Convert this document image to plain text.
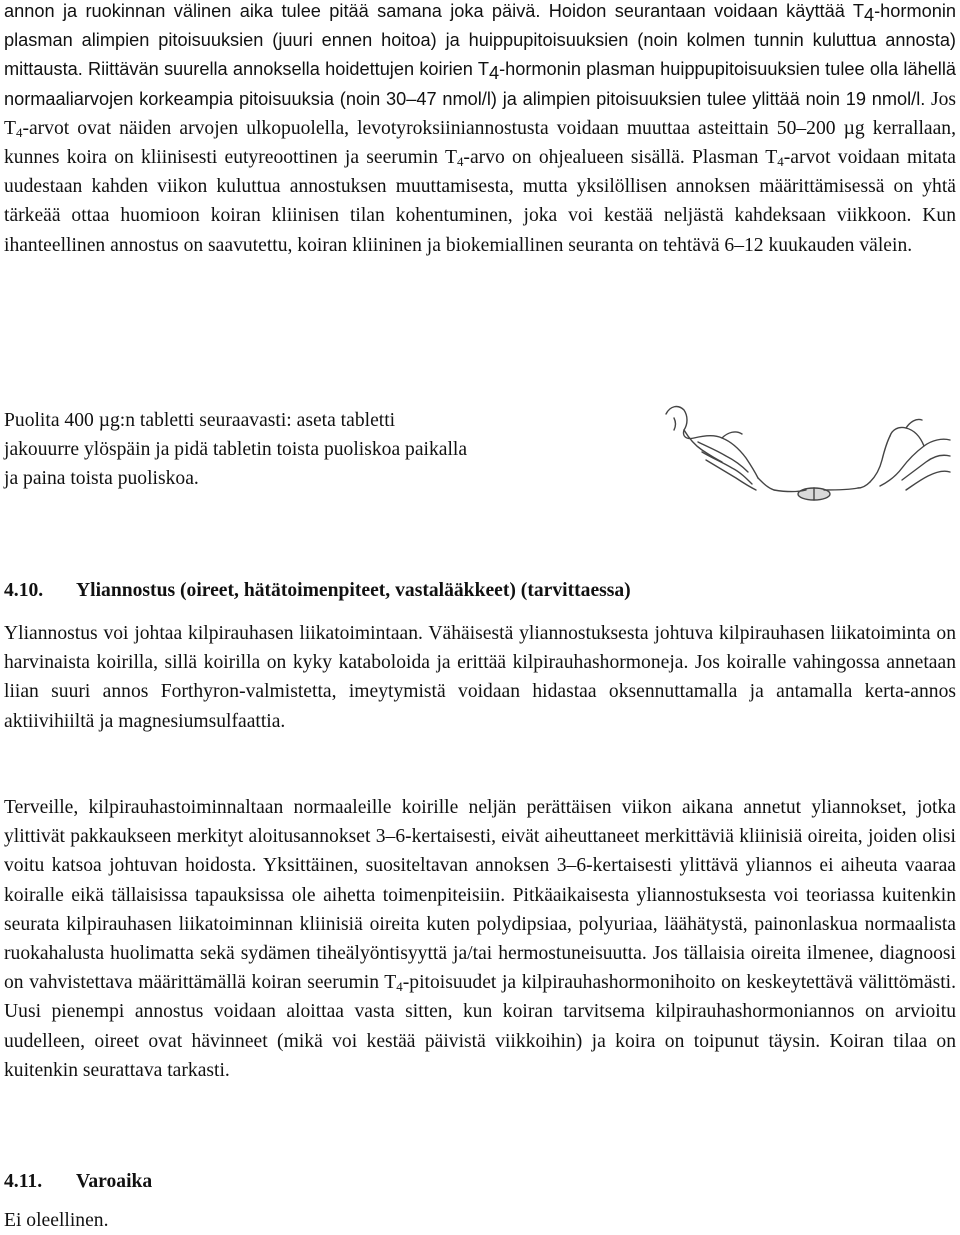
annon ja ruokinnan välinen aika tulee pitää samana joka päivä. Hoidon seurantaan voidaan käyttää $T_4$-hormonin plasman alimpien pitoisuuksien (juuri ennen hoitoa) ja huippupitoisuuksien (noin kolmen tunnin kuluttua annosta) mittausta. Riittävän suurella annoksella hoidettujen koirien $T_4$-hormonin plasman huippupitoisuuksien tulee olla lähellä normaaliarvojen korkeampia pitoisuuksia (noin 30–47 nmol/l) ja alimpien pitoisuuksien tulee ylittää noin 19 nmol/l. Jos $T_4$-arvot ovat näiden arvojen ulkopuolella, levotyroksiiniannostusta voidaan muuttaa asteittain 50–200 µg kerrallaan, kunnes koira on kliinisesti eutyreoottinen ja seerumin $T_4$-arvo on ohjealueen sisällä. Plasman $T_4$-arvot voidaan mitata uudestaan kahden viikon kuluttua annostuksen muuttamisesta, mutta yksilöllisen annoksen määrittämisessä on yhtä tärkeää ottaa huomioon koiran kliinisen tilan kohentuminen, joka voi kestää neljästä kahdeksaan viikkoon. Kun ihanteellinen annostus on saavutettu, koiran kliininen ja biokemiallinen seuranta on tehtävä 6–12 kuukauden välein.

Puolita 400 µg:n tabletti seuraavasti: aseta tabletti
jakouurre ylöspäin ja pidä tabletin toista puoliskoa paikalla
ja paina toista puoliskoa.

4.10. Yliannostus (oireet, hätätoimenpiteet, vastalääkkeet) (tarvittaessa)

Yliannostus voi johtaa kilpirauhasen liikatoimintaan. Vähäisestä yliannostuksesta johtuva kilpirauhasen liikatoiminta on harvinaista koirilla, sillä koirilla on kyky kataboloida ja erittää kilpirauhashormoneja. Jos koiralle vahingossa annetaan liian suuri annos Forthyron-valmistetta, imeytymistä voidaan hidastaa oksennuttamalla ja antamalla kerta-annos aktiivihiiltä ja magnesiumsulfaattia.

Terveille, kilpirauhastoiminnaltaan normaaleille koirille neljän perättäisen viikon aikana annetut yliannokset, jotka ylittivät pakkaukseen merkityt aloitusannokset 3–6-kertaisesti, eivät aiheuttaneet merkittäviä kliinisiä oireita, joiden olisi voitu katsoa johtuvan hoidosta. Yksittäinen, suositeltavan annoksen 3–6-kertaisesti ylittävä yliannos ei aiheuta vaaraa koiralle eikä tällaisissa tapauksissa ole aihetta toimenpiteisiin. Pitkäaikaisesta yliannostuksesta voi teoriassa kuitenkin seurata kilpirauhasen liikatoiminnan kliinisiä oireita kuten polydipsiaa, polyuriaa, läähätystä, painonlaskua normaalista ruokahalusta huolimatta sekä sydämen tiheälyöntisyyttä ja/tai hermostuneisuutta. Jos tällaisia oireita ilmenee, diagnoosi on vahvistettava määrittämällä koiran seerumin $T_4$-pitoisuudet ja kilpirauhashormonihoito on keskeytettävä välittömästi. Uusi pienempi annostus voidaan aloittaa vasta sitten, kun koiran tarvitsema kilpirauhashormoniannos on arvioitu uudelleen, oireet ovat hävinneet (mikä voi kestää päivistä viikkoihin) ja koira on toipunut täysin. Koiran tilaa on kuitenkin seurattava tarkasti.

4.11. Varoaika

Ei oleellinen.
